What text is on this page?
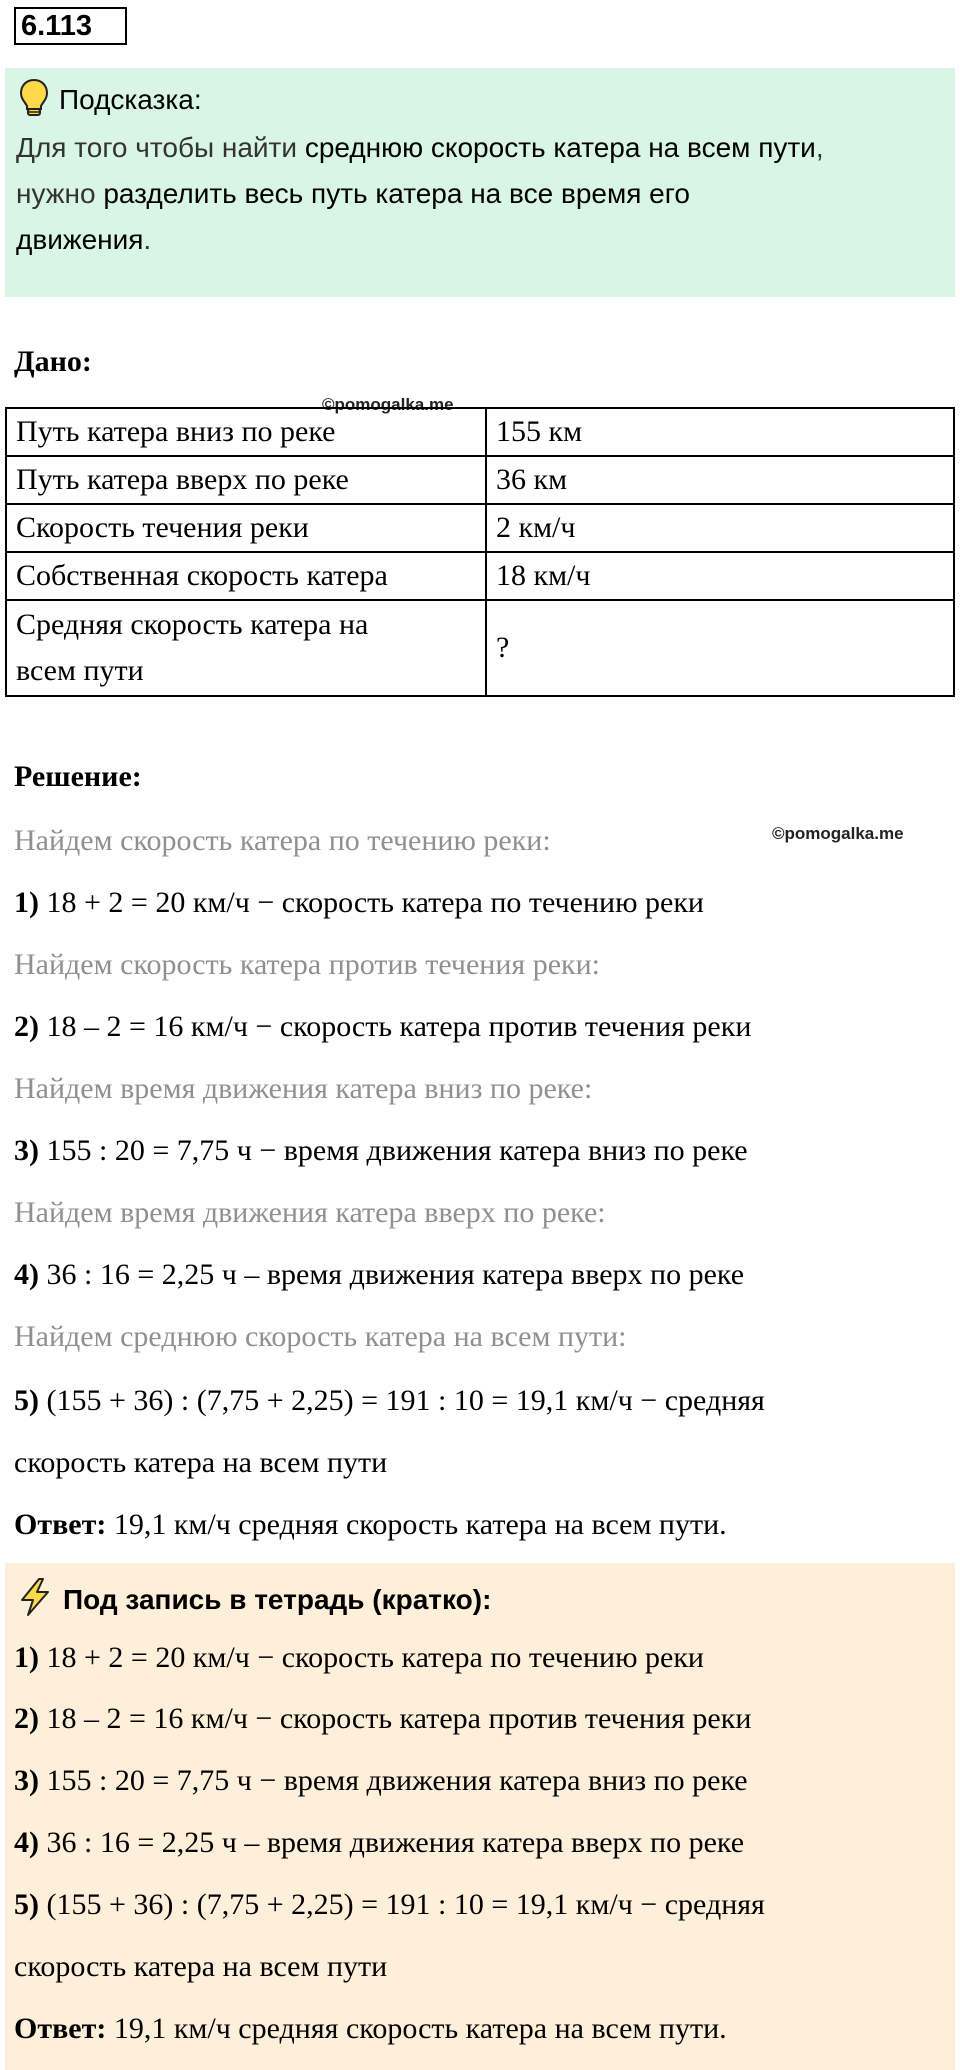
6.113
Подсказка:
Для того чтобы найти среднюю скорость катера на всем пути,
нужно разделить весь путь катера на все время его
движения.
Дано:
©pomogalka.me
Путь катера вниз по реке	155 км
Путь катера вверх по реке	36 км
Скорость течения реки	2 км/ч
Собственная скорость катера	18 км/ч
Средняя скорость катера на
всем пути	?
Решение:
©pomogalka.me
Найдем скорость катера по течению реки:
1) 18 + 2 = 20 км/ч − скорость катера по течению реки
Найдем скорость катера против течения реки:
2) 18 – 2 = 16 км/ч − скорость катера против течения реки
Найдем время движения катера вниз по реке:
3) 155 : 20 = 7,75 ч − время движения катера вниз по реке
Найдем время движения катера вверх по реке:
4) 36 : 16 = 2,25 ч – время движения катера вверх по реке
Найдем среднюю скорость катера на всем пути:
5) (155 + 36) : (7,75 + 2,25) = 191 : 10 = 19,1 км/ч − средняя
скорость катера на всем пути
Ответ: 19,1 км/ч средняя скорость катера на всем пути.
Под запись в тетрадь (кратко):
1) 18 + 2 = 20 км/ч − скорость катера по течению реки
2) 18 – 2 = 16 км/ч − скорость катера против течения реки
3) 155 : 20 = 7,75 ч − время движения катера вниз по реке
4) 36 : 16 = 2,25 ч – время движения катера вверх по реке
5) (155 + 36) : (7,75 + 2,25) = 191 : 10 = 19,1 км/ч − средняя
скорость катера на всем пути
Ответ: 19,1 км/ч средняя скорость катера на всем пути.
